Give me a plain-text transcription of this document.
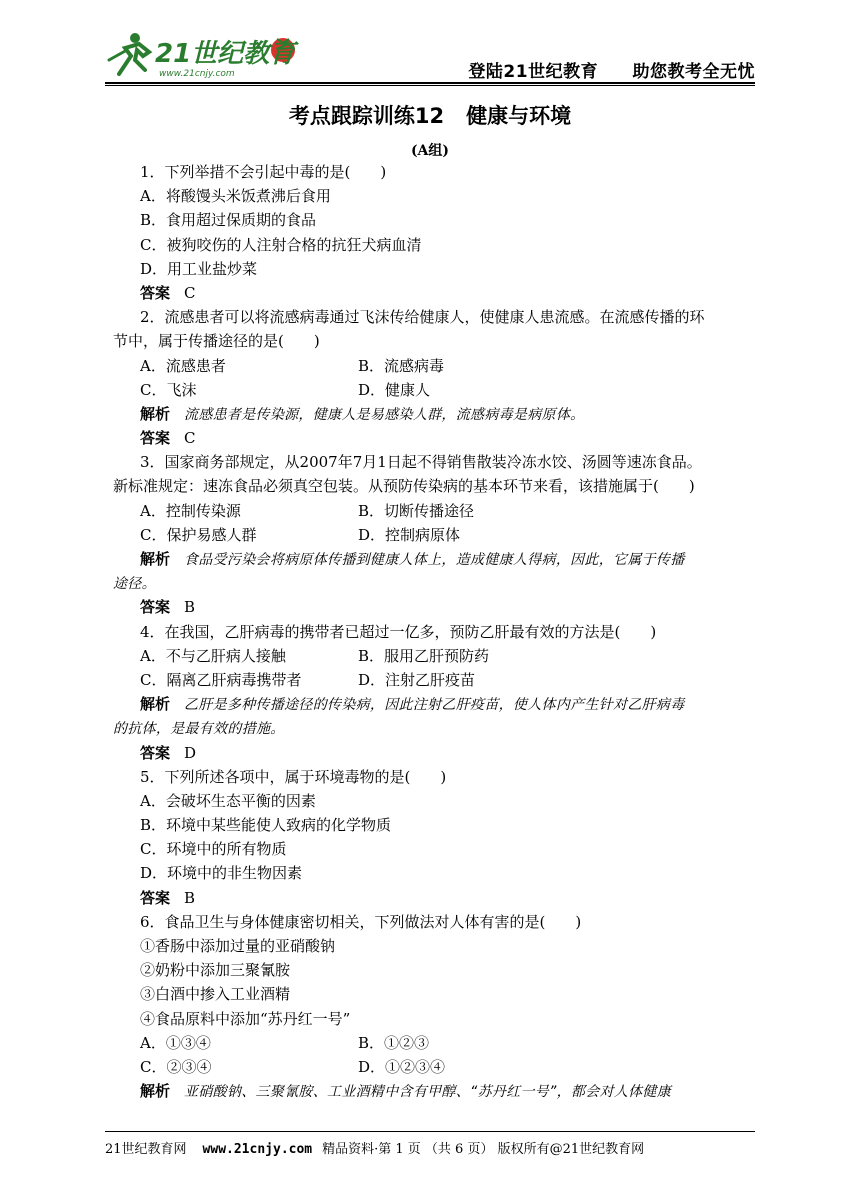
21世纪教育
www.21cnjy.com	登陆21世纪教育 助您教考全无忧
考点跟踪训练12 健康与环境
(A组)
1．下列举措不会引起中毒的是(　　)
A．将酸馒头米饭煮沸后食用
B．食用超过保质期的食品
C．被狗咬伤的人注射合格的抗狂犬病血清
D．用工业盐炒菜
答案 C
2．流感患者可以将流感病毒通过飞沫传给健康人，使健康人患流感。在流感传播的环
节中，属于传播途径的是(　　)
A．流感患者	B．流感病毒
C．飞沫	D．健康人
解析 流感患者是传染源，健康人是易感染人群，流感病毒是病原体。
答案 C
3．国家商务部规定，从2007年7月1日起不得销售散装冷冻水饺、汤圆等速冻食品。
新标准规定：速冻食品必须真空包装。从预防传染病的基本环节来看，该措施属于(　　)
A．控制传染源	B．切断传播途径
C．保护易感人群	D．控制病原体
解析 食品受污染会将病原体传播到健康人体上，造成健康人得病，因此，它属于传播
途径。
答案 B
4．在我国，乙肝病毒的携带者已超过一亿多，预防乙肝最有效的方法是(　　)
A．不与乙肝病人接触	B．服用乙肝预防药
C．隔离乙肝病毒携带者	D．注射乙肝疫苗
解析 乙肝是多种传播途径的传染病，因此注射乙肝疫苗，使人体内产生针对乙肝病毒
的抗体，是最有效的措施。
答案 D
5．下列所述各项中，属于环境毒物的是(　　)
A．会破坏生态平衡的因素
B．环境中某些能使人致病的化学物质
C．环境中的所有物质
D．环境中的非生物因素
答案 B
6．食品卫生与身体健康密切相关，下列做法对人体有害的是(　　)
①香肠中添加过量的亚硝酸钠
②奶粉中添加三聚氰胺
③白酒中掺入工业酒精
④食品原料中添加“苏丹红一号”
A．①③④	B．①②③
C．②③④	D．①②③④
解析 亚硝酸钠、三聚氰胺、工业酒精中含有甲醇、“苏丹红一号”，都会对人体健康
21世纪教育网 www.21cnjy.com 精品资料·第 1 页 （共 6 页） 版权所有@21世纪教育网
